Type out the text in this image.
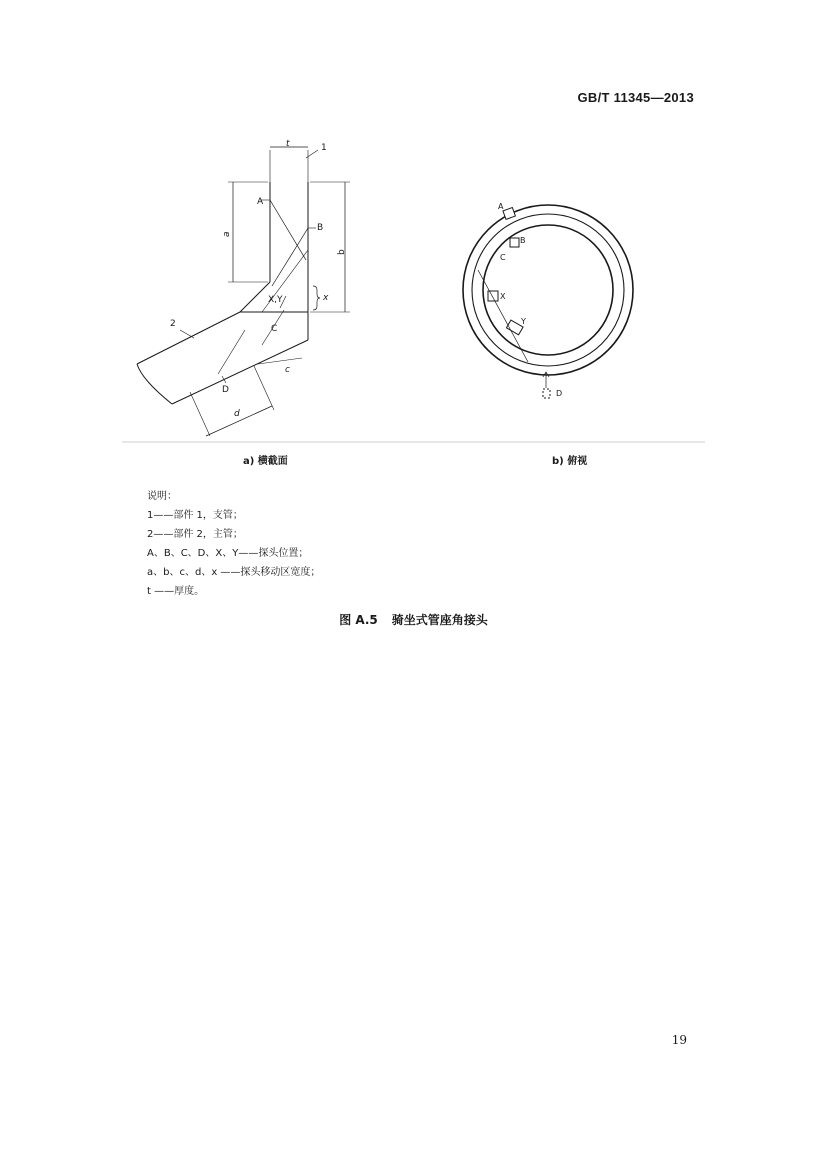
GB/T 11345—2013
1
t
A
B
a
b
X,Y	x
2	C
c
D
d
A
B
C
X
Y
D
a) 横截面	b) 俯视
说明：
1——部件 1，支管；
2——部件 2，主管；
A、B、C、D、X、Y——探头位置；
a、b、c、d、x ——探头移动区宽度；
t ——厚度。
图 A.5 骑坐式管座角接头
19
